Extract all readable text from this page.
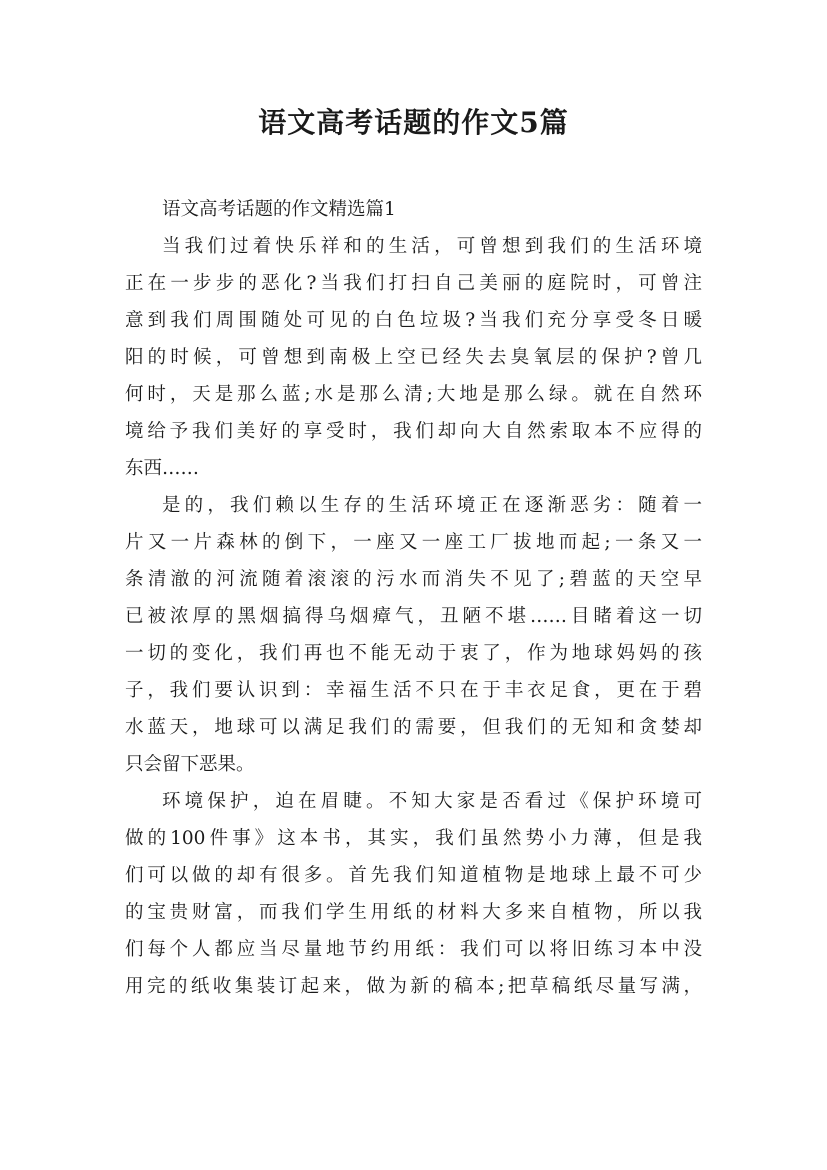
语文高考话题的作文5篇
语文高考话题的作文精选篇1
当我们过着快乐祥和的生活，可曾想到我们的生活环境
正在一步步的恶化?当我们打扫自己美丽的庭院时，可曾注
意到我们周围随处可见的白色垃圾?当我们充分享受冬日暖
阳的时候，可曾想到南极上空已经失去臭氧层的保护?曾几
何时，天是那么蓝;水是那么清;大地是那么绿。就在自然环
境给予我们美好的享受时，我们却向大自然索取本不应得的
东西……
是的，我们赖以生存的生活环境正在逐渐恶劣：随着一
片又一片森林的倒下，一座又一座工厂拔地而起;一条又一
条清澈的河流随着滚滚的污水而消失不见了;碧蓝的天空早
已被浓厚的黑烟搞得乌烟瘴气，丑陋不堪……目睹着这一切
一切的变化，我们再也不能无动于衷了，作为地球妈妈的孩
子，我们要认识到：幸福生活不只在于丰衣足食，更在于碧
水蓝天，地球可以满足我们的需要，但我们的无知和贪婪却
只会留下恶果。
环境保护，迫在眉睫。不知大家是否看过《保护环境可
做的100件事》这本书，其实，我们虽然势小力薄，但是我
们可以做的却有很多。首先我们知道植物是地球上最不可少
的宝贵财富，而我们学生用纸的材料大多来自植物，所以我
们每个人都应当尽量地节约用纸：我们可以将旧练习本中没
用完的纸收集装订起来，做为新的稿本;把草稿纸尽量写满，
